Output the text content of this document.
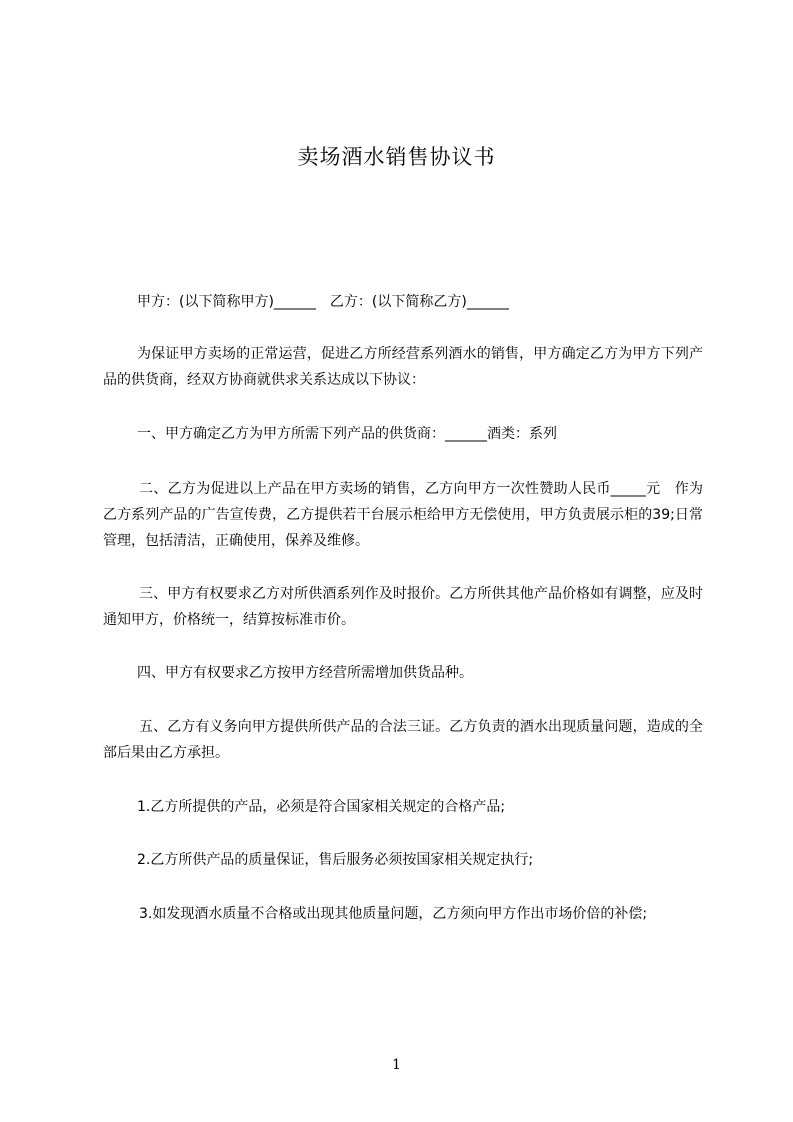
卖场酒水销售协议书
甲方：(以下简称甲方)______　乙方：(以下简称乙方)______
为保证甲方卖场的正常运营，促进乙方所经营系列酒水的销售，甲方确定乙方为甲方下列产品的供货商，经双方协商就供求关系达成以下协议：
一、甲方确定乙方为甲方所需下列产品的供货商：______酒类：系列
二、乙方为促进以上产品在甲方卖场的销售，乙方向甲方一次性赞助人民币_____元　作为乙方系列产品的广告宣传费，乙方提供若干台展示柜给甲方无偿使用，甲方负责展示柜的39;日常管理，包括清洁，正确使用，保养及维修。
三、甲方有权要求乙方对所供酒系列作及时报价。乙方所供其他产品价格如有调整，应及时通知甲方，价格统一，结算按标准市价。
四、甲方有权要求乙方按甲方经营所需增加供货品种。
五、乙方有义务向甲方提供所供产品的合法三证。乙方负责的酒水出现质量问题，造成的全部后果由乙方承担。
1.乙方所提供的产品，必须是符合国家相关规定的合格产品;
2.乙方所供产品的质量保证，售后服务必须按国家相关规定执行;
3.如发现酒水质量不合格或出现其他质量问题，乙方须向甲方作出市场价倍的补偿;
1
